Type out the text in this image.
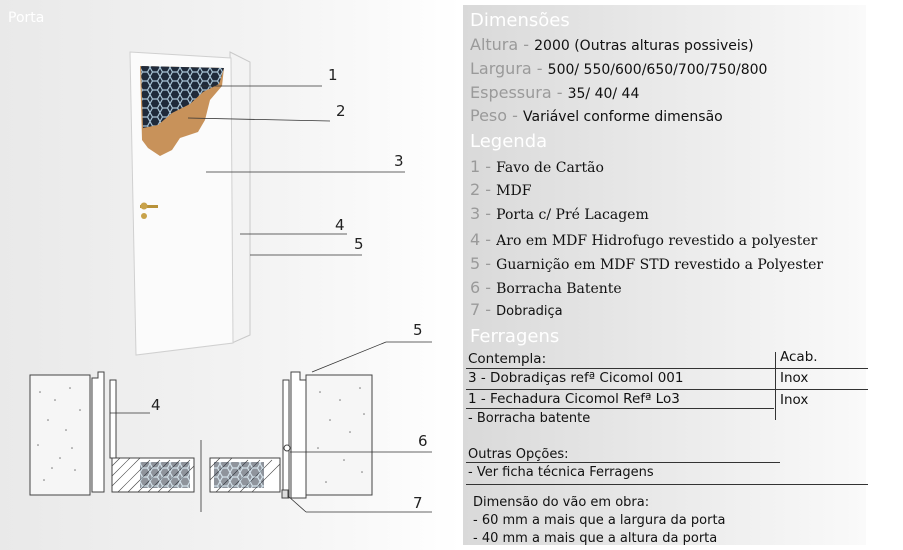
Porta
1
2
3
4
5
4
5
6
7
Dimensões
Altura - 2000 (Outras alturas possiveis)
Largura - 500/ 550/600/650/700/750/800
Espessura - 35/ 40/ 44
Peso - Variável conforme dimensão
Legenda
1 - Favo de Cartão
2 - MDF
3 - Porta c/ Pré Lacagem
4 - Aro em MDF Hidrofugo revestido a polyester
5 - Guarnição em MDF STD revestido a Polyester
6 - Borracha Batente
7 - Dobradiça
Ferragens
Contempla:	Acab.
3 - Dobradiças refª Cicomol 001	Inox
1 - Fechadura Cicomol Refª Lo3	Inox
- Borracha batente
Outras Opções:
- Ver ficha técnica Ferragens
Dimensão do vão em obra:
- 60 mm a mais que a largura da porta
- 40 mm a mais que a altura da porta
